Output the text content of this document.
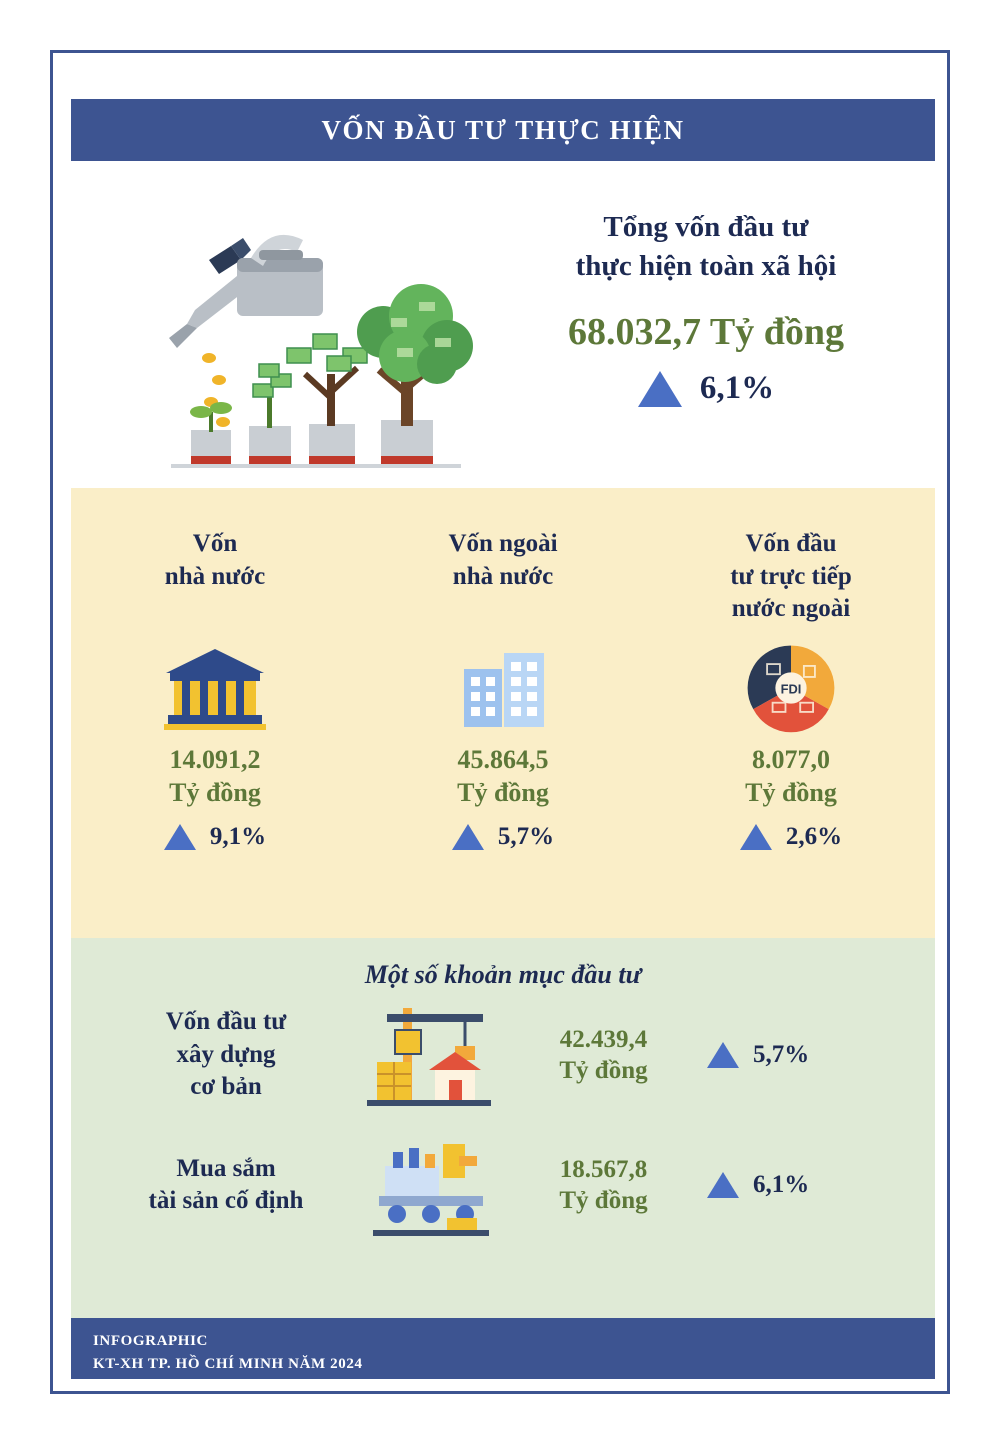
VỐN ĐẦU TƯ THỰC HIỆN
Tổng vốn đầu tư
thực hiện toàn xã hội
68.032,7 Tỷ đồng
6,1%
Vốn
nhà nước
14.091,2
Tỷ đồng
9,1%
Vốn ngoài
nhà nước
45.864,5
Tỷ đồng
5,7%
Vốn đầu
tư trực tiếp
nước ngoài
FDI
8.077,0
Tỷ đồng
2,6%
Một số khoản mục đầu tư
Vốn đầu tư
xây dựng
cơ bản
42.439,4
Tỷ đồng
5,7%
Mua sắm
tài sản cố định
18.567,8
Tỷ đồng
6,1%
INFOGRAPHIC
KT-XH TP. HỒ CHÍ MINH NĂM 2024
